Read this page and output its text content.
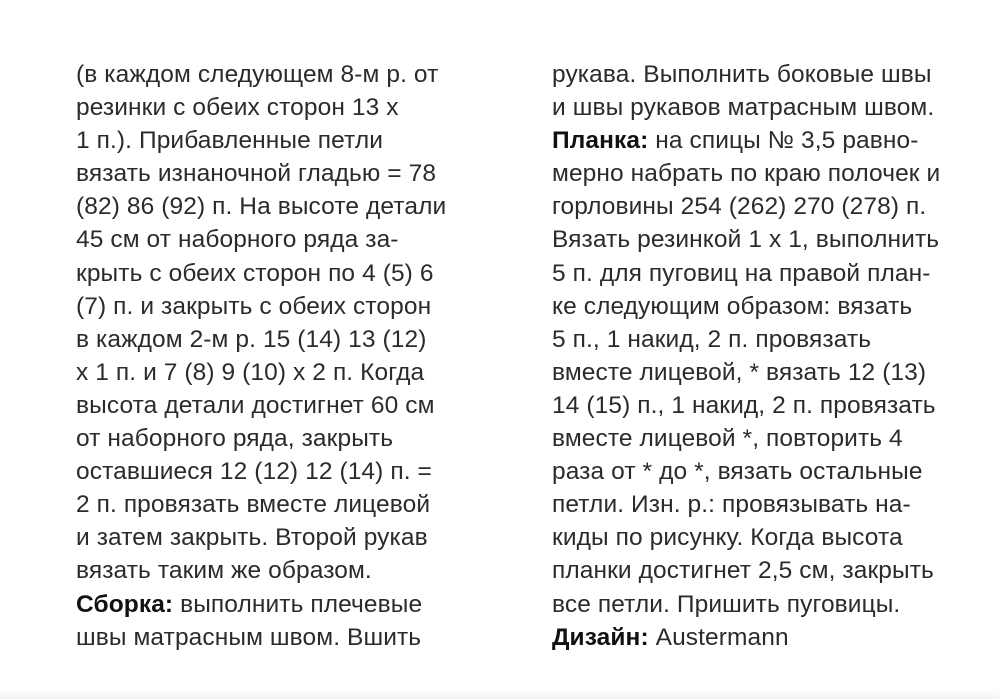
(в каждом следующем 8-м р. от
резинки с обеих сторон 13 х
1 п.). Прибавленные петли
вязать изнаночной гладью = 78
(82) 86 (92) п. На высоте детали
45 см от наборного ряда за-
крыть с обеих сторон по 4 (5) 6
(7) п. и закрыть с обеих сторон
в каждом 2-м р. 15 (14) 13 (12)
х 1 п. и 7 (8) 9 (10) х 2 п. Когда
высота детали достигнет 60 см
от наборного ряда, закрыть
оставшиеся 12 (12) 12 (14) п. =
2 п. провязать вместе лицевой
и затем закрыть. Второй рукав
вязать таким же образом.
Сборка: выполнить плечевые
швы матрасным швом. Вшить
рукава. Выполнить боковые швы
и швы рукавов матрасным швом.
Планка: на спицы № 3,5 равно-
мерно набрать по краю полочек и
горловины 254 (262) 270 (278) п.
Вязать резинкой 1 х 1, выполнить
5 п. для пуговиц на правой план-
ке следующим образом: вязать
5 п., 1 накид, 2 п. провязать
вместе лицевой, * вязать 12 (13)
14 (15) п., 1 накид, 2 п. провязать
вместе лицевой *, повторить 4
раза от * до *, вязать остальные
петли. Изн. р.: провязывать на-
киды по рисунку. Когда высота
планки достигнет 2,5 см, закрыть
все петли. Пришить пуговицы.
Дизайн: Austermann
